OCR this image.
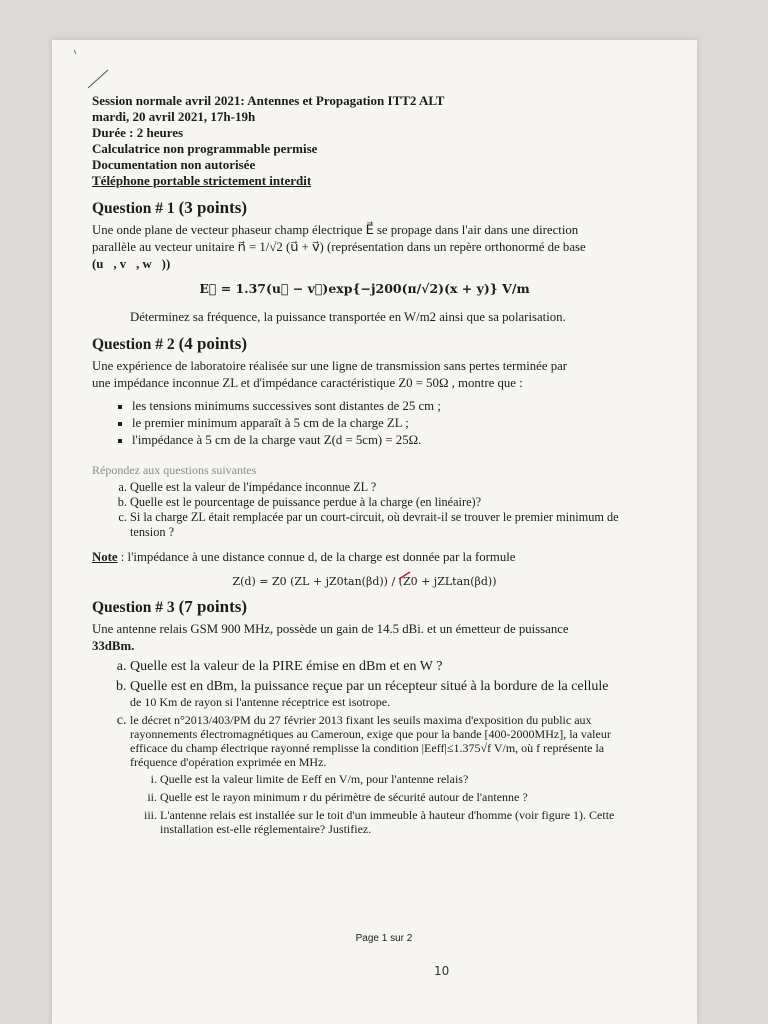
Session normale avril 2021: Antennes et Propagation ITT2 ALT
mardi, 20 avril 2021, 17h-19h
Durée : 2 heures
Calculatrice non programmable permise
Documentation non autorisée
Téléphone portable strictement interdit
Question # 1 (3 points)
Une onde plane de vecteur phaseur champ électrique E⃗ se propage dans l'air dans une direction
parallèle au vecteur unitaire n⃗ = 1/√2 (u⃗ + v⃗) (représentation dans un repère orthonormé de base
(u⃗, v⃗, w⃗))
E⃗ = 1.37(u⃗ − v⃗)exp{−j200(π/√2)(x + y)} V/m
Déterminez sa fréquence, la puissance transportée en W/m2 ainsi que sa polarisation.
Question # 2 (4 points)
Une expérience de laboratoire réalisée sur une ligne de transmission sans pertes terminée par
une impédance inconnue ZL et d'impédance caractéristique Z0 = 50Ω , montre que :
▪ les tensions minimums successives sont distantes de 25 cm ;
▪ le premier minimum apparaît à 5 cm de la charge ZL ;
▪ l'impédance à 5 cm de la charge vaut Z(d = 5cm) = 25Ω.
Répondez aux questions suivantes
a. Quelle est la valeur de l'impédance inconnue ZL ?
b. Quelle est le pourcentage de puissance perdue à la charge (en linéaire)?
c. Si la charge ZL était remplacée par un court-circuit, où devrait-il se trouver le premier minimum de tension ?
Note : l'impédance à une distance connue d, de la charge est donnée par la formule
Z(d) = Z0 (ZL + jZ0tan(βd)) / (Z0 + jZLtan(βd))
Question # 3 (7 points)
Une antenne relais GSM 900 MHz, possède un gain de 14.5 dBi. et un émetteur de puissance
33dBm.
a. Quelle est la valeur de la PIRE émise en dBm et en W ?
b. Quelle est en dBm, la puissance reçue par un récepteur situé à la bordure de la cellule
de 10 Km de rayon si l'antenne réceptrice est isotrope.
c. le décret n°2013/403/PM du 27 février 2013 fixant les seuils maxima d'exposition du public aux rayonnements électromagnétiques au Cameroun, exige que pour la bande [400-2000MHz], la valeur efficace du champ électrique rayonné remplisse la condition |Eeff|≤1.375√f V/m, où f représente la fréquence d'opération exprimée en MHz.
i. Quelle est la valeur limite de Eeff en V/m, pour l'antenne relais?
ii. Quelle est le rayon minimum r du périmètre de sécurité autour de l'antenne ?
iii. L'antenne relais est installée sur le toit d'un immeuble à hauteur d'homme (voir figure 1). Cette installation est-elle réglementaire? Justifiez.
Page 1 sur 2
10
